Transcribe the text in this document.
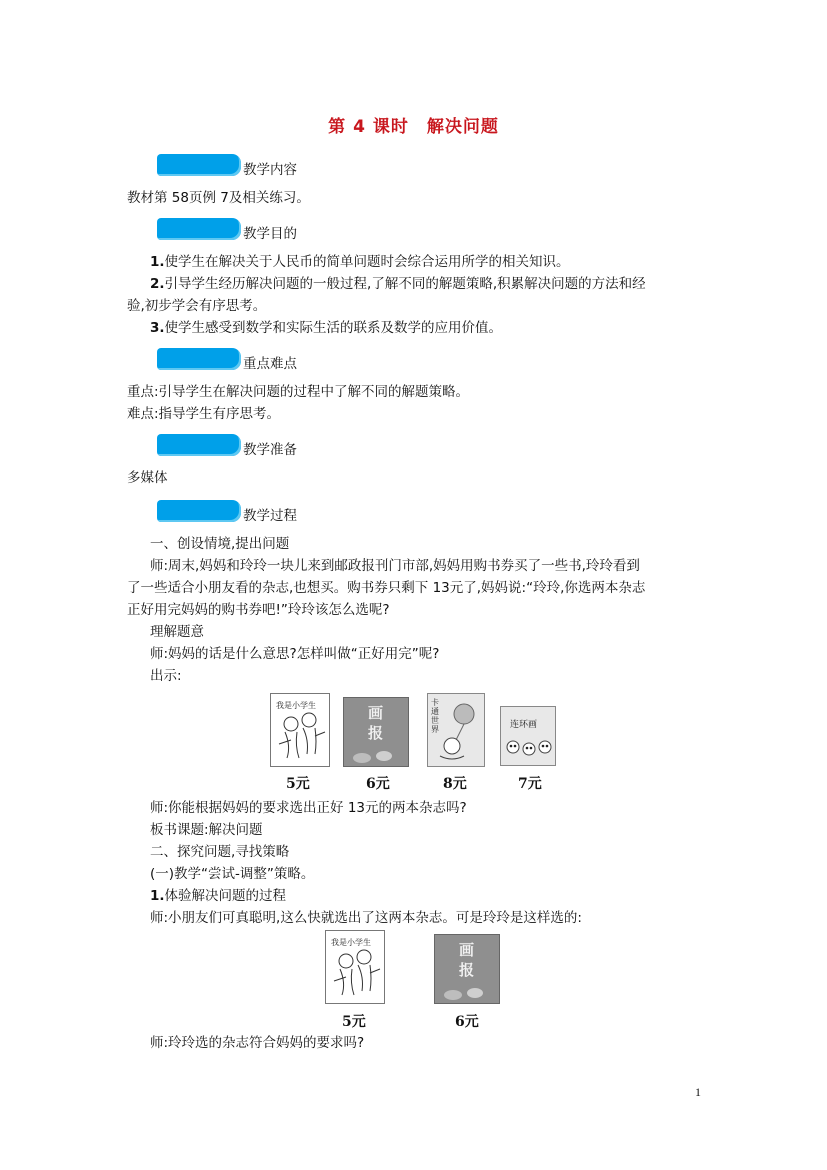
第 4 课时　解决问题
教学内容
教材第 58页例 7及相关练习。
教学目的
1.使学生在解决关于人民币的简单问题时会综合运用所学的相关知识。
2.引导学生经历解决问题的一般过程,了解不同的解题策略,积累解决问题的方法和经
验,初步学会有序思考。
3.使学生感受到数学和实际生活的联系及数学的应用价值。
重点难点
重点:引导学生在解决问题的过程中了解不同的解题策略。
难点:指导学生有序思考。
教学准备
多媒体
教学过程
一、创设情境,提出问题
师:周末,妈妈和玲玲一块儿来到邮政报刊门市部,妈妈用购书券买了一些书,玲玲看到
了一些适合小朋友看的杂志,也想买。购书券只剩下 13元了,妈妈说:“玲玲,你选两本杂志
正好用完妈妈的购书券吧!”玲玲该怎么选呢?
理解题意
师:妈妈的话是什么意思?怎样叫做“正好用完”呢?
出示:
我是小学生	画报
卡通世界	连环画
5元	6元	8元	7元
师:你能根据妈妈的要求选出正好 13元的两本杂志吗?
板书课题:解决问题
二、探究问题,寻找策略
(一)教学“尝试-调整”策略。
1.体验解决问题的过程
师:小朋友们可真聪明,这么快就选出了这两本杂志。可是玲玲是这样选的:
我是小学生	画报
5元	6元
师:玲玲选的杂志符合妈妈的要求吗?
1
